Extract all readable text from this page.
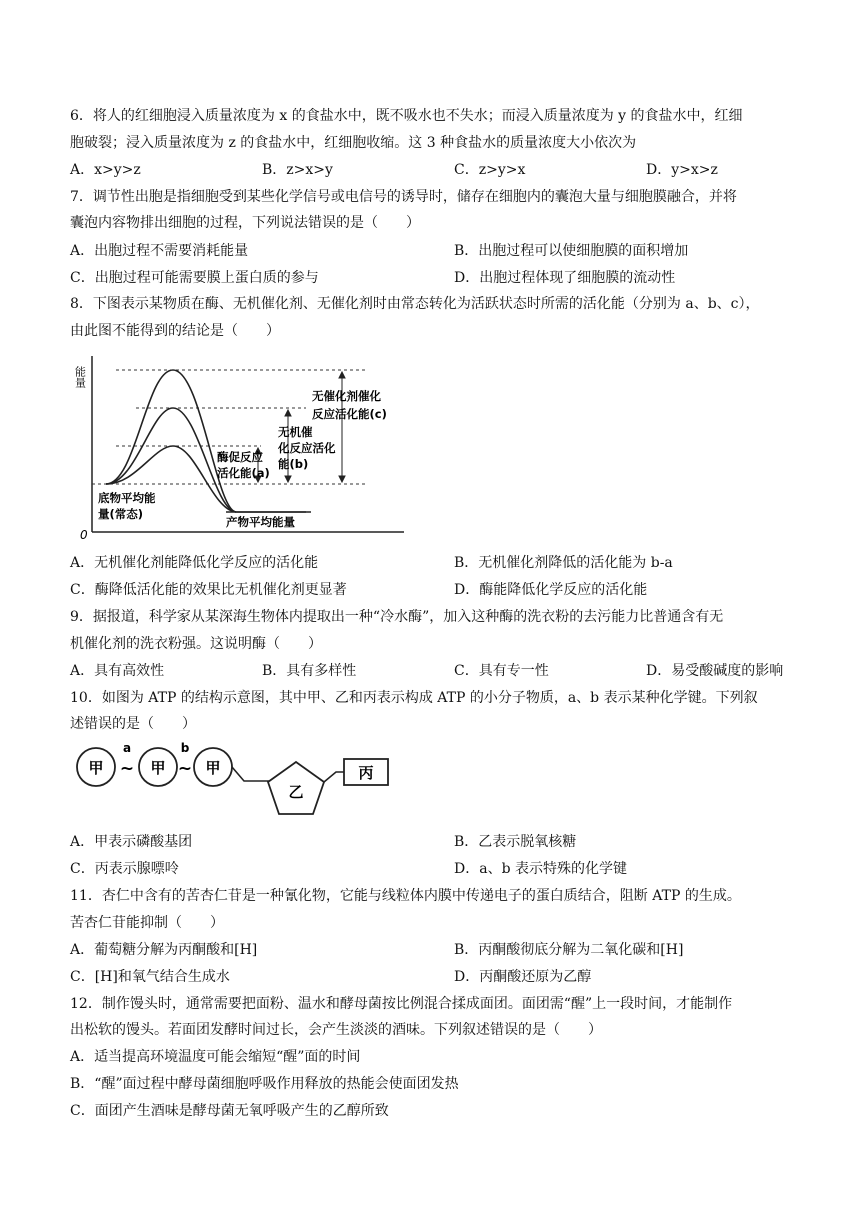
6．将人的红细胞浸入质量浓度为 x 的食盐水中，既不吸水也不失水；而浸入质量浓度为 y 的食盐水中，红细
胞破裂；浸入质量浓度为 z 的食盐水中，红细胞收缩。这 3 种食盐水的质量浓度大小依次为
A．x>y>z	B．z>x>y	C．z>y>x	D．y>x>z
7．调节性出胞是指细胞受到某些化学信号或电信号的诱导时，储存在细胞内的囊泡大量与细胞膜融合，并将
囊泡内容物排出细胞的过程，下列说法错误的是（　　）
A．出胞过程不需要消耗能量	B．出胞过程可以使细胞膜的面积增加
C．出胞过程可能需要膜上蛋白质的参与	D．出胞过程体现了细胞膜的流动性
8．下图表示某物质在酶、无机催化剂、无催化剂时由常态转化为活跃状态时所需的活化能（分别为 a、b、c），
由此图不能得到的结论是（　　）
能量
0
无催化剂催化
反应活化能(c)
无机催
化反应活化
能(b)
酶促反应
活化能(a)
底物平均能
量(常态)
产物平均能量
A．无机催化剂能降低化学反应的活化能	B．无机催化剂降低的活化能为 b-a
C．酶降低活化能的效果比无机催化剂更显著	D．酶能降低化学反应的活化能
9．据报道，科学家从某深海生物体内提取出一种“冷水酶”，加入这种酶的洗衣粉的去污能力比普通含有无
机催化剂的洗衣粉强。这说明酶（　　）
A．具有高效性	B．具有多样性	C．具有专一性	D．易受酸碱度的影响
10．如图为 ATP 的结构示意图，其中甲、乙和丙表示构成 ATP 的小分子物质，a、b 表示某种化学键。下列叙
述错误的是（　　）
甲	甲	甲
a
~
b
~
乙
丙
A．甲表示磷酸基团	B．乙表示脱氧核糖
C．丙表示腺嘌呤	D．a、b 表示特殊的化学键
11．杏仁中含有的苦杏仁苷是一种氰化物，它能与线粒体内膜中传递电子的蛋白质结合，阻断 ATP 的生成。
苦杏仁苷能抑制（　　）
A．葡萄糖分解为丙酮酸和[H]	B．丙酮酸彻底分解为二氧化碳和[H]
C．[H]和氧气结合生成水	D．丙酮酸还原为乙醇
12．制作馒头时，通常需要把面粉、温水和酵母菌按比例混合揉成面团。面团需“醒”上一段时间，才能制作
出松软的馒头。若面团发酵时间过长，会产生淡淡的酒味。下列叙述错误的是（　　）
A．适当提高环境温度可能会缩短“醒”面的时间
B．“醒”面过程中酵母菌细胞呼吸作用释放的热能会使面团发热
C．面团产生酒味是酵母菌无氧呼吸产生的乙醇所致
